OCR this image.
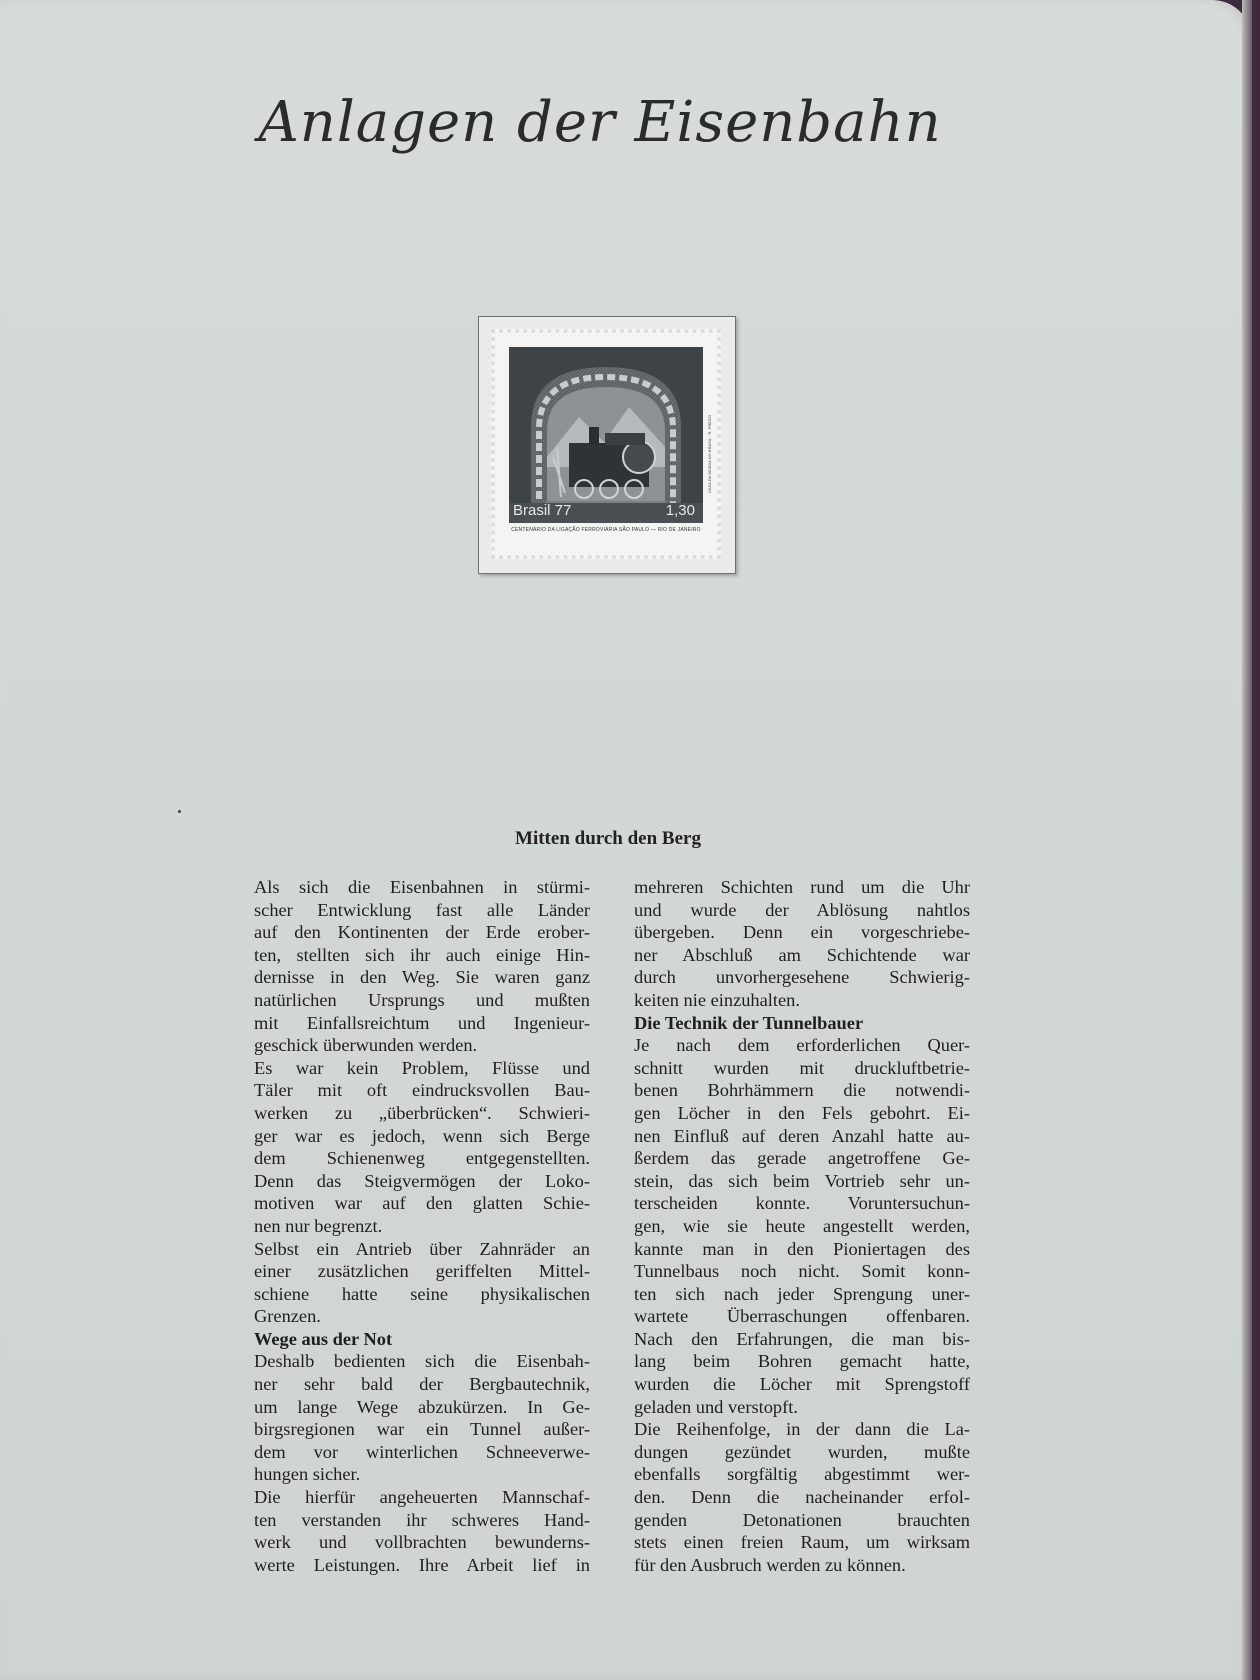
Anlagen der Eisenbahn
Brasil 77	1,30
CENTENÁRIO DA LIGAÇÃO FERROVIÁRIA SÃO PAULO — RIO DE JANEIRO
CASA DA MOEDA DO BRASIL · R. PREZZI
Mitten durch den Berg
Als sich die Eisenbahnen in stürmi-
scher Entwicklung fast alle Länder
auf den Kontinenten der Erde erober-
ten, stellten sich ihr auch einige Hin-
dernisse in den Weg. Sie waren ganz
natürlichen Ursprungs und mußten
mit Einfallsreichtum und Ingenieur-
geschick überwunden werden.
Es war kein Problem, Flüsse und
Täler mit oft eindrucksvollen Bau-
werken zu „überbrücken“. Schwieri-
ger war es jedoch, wenn sich Berge
dem Schienenweg entgegenstellten.
Denn das Steigvermögen der Loko-
motiven war auf den glatten Schie-
nen nur begrenzt.
Selbst ein Antrieb über Zahnräder an
einer zusätzlichen geriffelten Mittel-
schiene hatte seine physikalischen
Grenzen.
Wege aus der Not
Deshalb bedienten sich die Eisenbah-
ner sehr bald der Bergbautechnik,
um lange Wege abzukürzen. In Ge-
birgsregionen war ein Tunnel außer-
dem vor winterlichen Schneeverwe-
hungen sicher.
Die hierfür angeheuerten Mannschaf-
ten verstanden ihr schweres Hand-
werk und vollbrachten bewunderns-
werte Leistungen. Ihre Arbeit lief in
mehreren Schichten rund um die Uhr
und wurde der Ablösung nahtlos
übergeben. Denn ein vorgeschriebe-
ner Abschluß am Schichtende war
durch unvorhergesehene Schwierig-
keiten nie einzuhalten.
Die Technik der Tunnelbauer
Je nach dem erforderlichen Quer-
schnitt wurden mit druckluftbetrie-
benen Bohrhämmern die notwendi-
gen Löcher in den Fels gebohrt. Ei-
nen Einfluß auf deren Anzahl hatte au-
ßerdem das gerade angetroffene Ge-
stein, das sich beim Vortrieb sehr un-
terscheiden konnte. Voruntersuchun-
gen, wie sie heute angestellt werden,
kannte man in den Pioniertagen des
Tunnelbaus noch nicht. Somit konn-
ten sich nach jeder Sprengung uner-
wartete Überraschungen offenbaren.
Nach den Erfahrungen, die man bis-
lang beim Bohren gemacht hatte,
wurden die Löcher mit Sprengstoff
geladen und verstopft.
Die Reihenfolge, in der dann die La-
dungen gezündet wurden, mußte
ebenfalls sorgfältig abgestimmt wer-
den. Denn die nacheinander erfol-
genden Detonationen brauchten
stets einen freien Raum, um wirksam
für den Ausbruch werden zu können.
